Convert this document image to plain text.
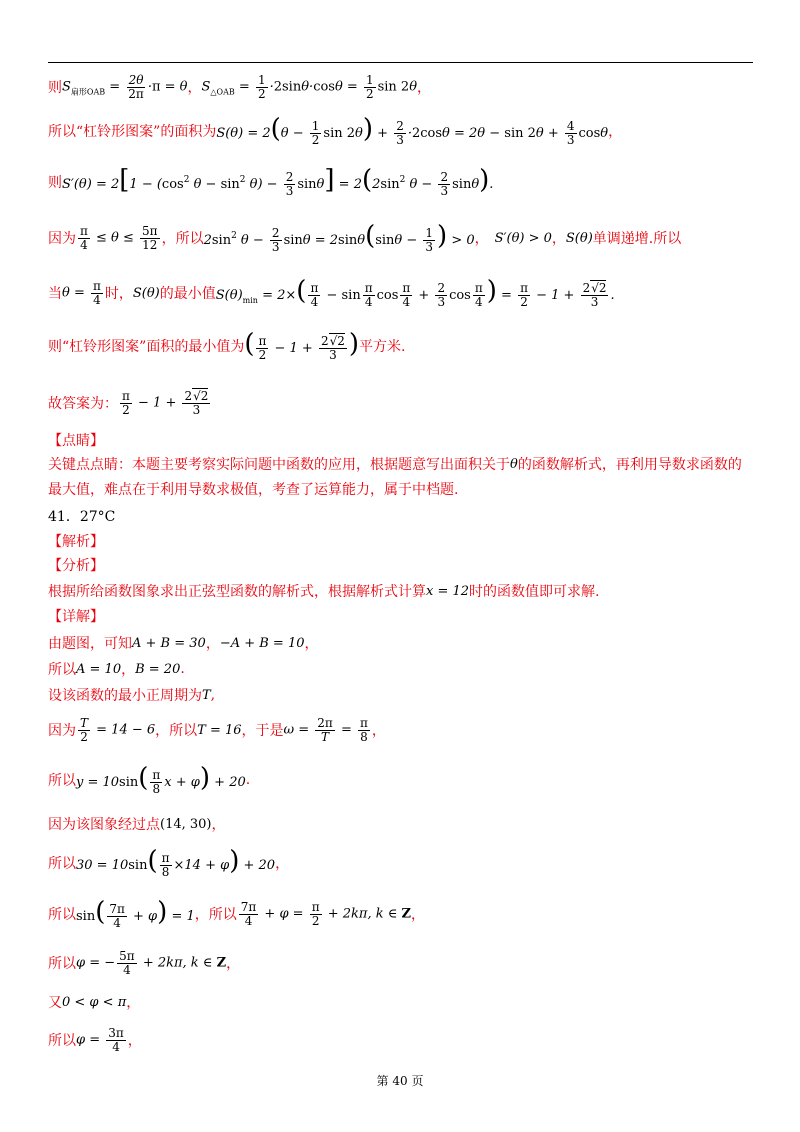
则 $S_{扇形OAB} = \frac{2\theta}{2\pi} \cdot\pi = \theta$ ， $S_{\triangle OAB} = \frac{1}{2} \cdot 2\sin\theta\cdot\cos\theta = \frac{1}{2}$ sin 2θ ，
所以“杠铃形图案”的面积为 $S(\theta) = 2(\theta - \frac{1}{2}$ $\sin 2\theta) + \frac{2}{3} \cdot 2\cos\theta = 2\theta - \sin 2\theta + \frac{4}{3}$ cosθ ，
则 $S'(\theta) = 2[1 - (\cos^2$ $\theta - \sin^2 \theta) - \frac{2}{3} \sin\theta] = 2(2\sin^2$ $\theta - \frac{2}{3} \sin\theta$).
因为 $\frac{\pi}{4} \le \theta \le \frac{5\pi}{12}$ ，所以 $2\sin^2$ $\theta - \frac{2}{3}$ $\sin\theta = 2\sin\theta(\sin\theta - \frac{1}{3}$ ) > 0 ， S′(θ) > 0 ， S(θ) 单调递增.所以
当 $\theta = \frac{\pi}{4}$ 时， S(θ) 的最小值 $S(\theta)_{min} = 2\times( \frac{\pi}{4} - \sin \frac{\pi}{4}$ $\cos \frac{\pi}{4} + \frac{2}{3}$ $\cos \frac{\pi}{4}$ ) = $\frac{\pi}{2} - 1 + \frac{2√2}{3}$ .
则“杠铃形图案”面积的最小值为 ( $\frac{\pi}{2} - 1 + \frac{2√2}{3}$ ) 平方米.
故答案为： $\frac{\pi}{2} - 1 + \frac{2√2}{3}$
【点睛】
关键点点睛：本题主要考察实际问题中函数的应用，根据题意写出面积关于 θ 的函数解析式，再利用导数求函数的
最大值，难点在于利用导数求极值，考查了运算能力，属于中档题.
41．27°C
【解析】
【分析】
根据所给函数图象求出正弦型函数的解析式，根据解析式计算 x = 12 时的函数值即可求解.
【详解】
由题图，可知 A + B = 30 ， −A + B = 10 ，
所以 A = 10 ， B = 20 .
设该函数的最小正周期为 T ,
因为 $\frac{T}{2} = 14 - 6$ ，所以 T = 16 ，于是 $\omega = \frac{2\pi}{T} = \frac{\pi}{8}$ ，
所以 $y = 10\sin( \frac{\pi}{8}$ x + φ) + 20 .
因为该图象经过点 (14, 30) ，
所以 $30 = 10\sin( \frac{\pi}{8} \times 14 + \varphi) + 20$ ，
所以 $\sin( \frac{7\pi}{4} + \varphi) = 1$ ，所以 $\frac{7\pi}{4} + \varphi = \frac{\pi}{2} + 2k\pi$, k ∈ Z ，
所以 φ = − $\frac{5\pi}{4} + 2k\pi$, k ∈ Z ，
又 0 < φ < π ，
所以 $\varphi = \frac{3\pi}{4}$ ，
第 40 页
